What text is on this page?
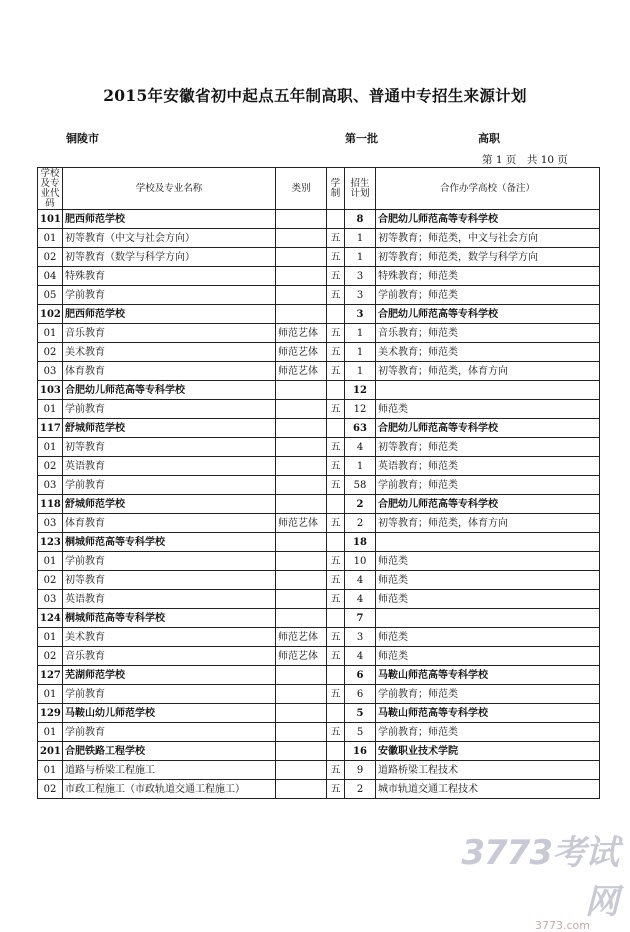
2015年安徽省初中起点五年制高职、普通中专招生来源计划
铜陵市	第一批	高职
第 1 页　共 10 页
学校及专业代码	学校及专业名称	类别	学制	招生计划	合作办学高校（备注）
101	肥西师范学校			8	合肥幼儿师范高等专科学校
01	初等教育（中文与社会方向）		五	1	初等教育；师范类，中文与社会方向
02	初等教育（数学与科学方向）		五	1	初等教育；师范类，数学与科学方向
04	特殊教育		五	3	特殊教育；师范类
05	学前教育		五	3	学前教育；师范类
102	肥西师范学校			3	合肥幼儿师范高等专科学校
01	音乐教育	师范艺体	五	1	音乐教育；师范类
02	美术教育	师范艺体	五	1	美术教育；师范类
03	体育教育	师范艺体	五	1	初等教育；师范类，体育方向
103	合肥幼儿师范高等专科学校			12	
01	学前教育		五	12	师范类
117	舒城师范学校			63	合肥幼儿师范高等专科学校
01	初等教育		五	4	初等教育；师范类
02	英语教育		五	1	英语教育；师范类
03	学前教育		五	58	学前教育；师范类
118	舒城师范学校			2	合肥幼儿师范高等专科学校
03	体育教育	师范艺体	五	2	初等教育；师范类，体育方向
123	桐城师范高等专科学校			18	
01	学前教育		五	10	师范类
02	初等教育		五	4	师范类
03	英语教育		五	4	师范类
124	桐城师范高等专科学校			7	
01	美术教育	师范艺体	五	3	师范类
02	音乐教育	师范艺体	五	4	师范类
127	芜湖师范学校			6	马鞍山师范高等专科学校
01	学前教育		五	6	学前教育；师范类
129	马鞍山幼儿师范学校			5	马鞍山师范高等专科学校
01	学前教育		五	5	学前教育；师范类
201	合肥铁路工程学校			16	安徽职业技术学院
01	道路与桥梁工程施工		五	9	道路桥梁工程技术
02	市政工程施工（市政轨道交通工程施工）		五	2	城市轨道交通工程技术
3773考试网
3773.com
